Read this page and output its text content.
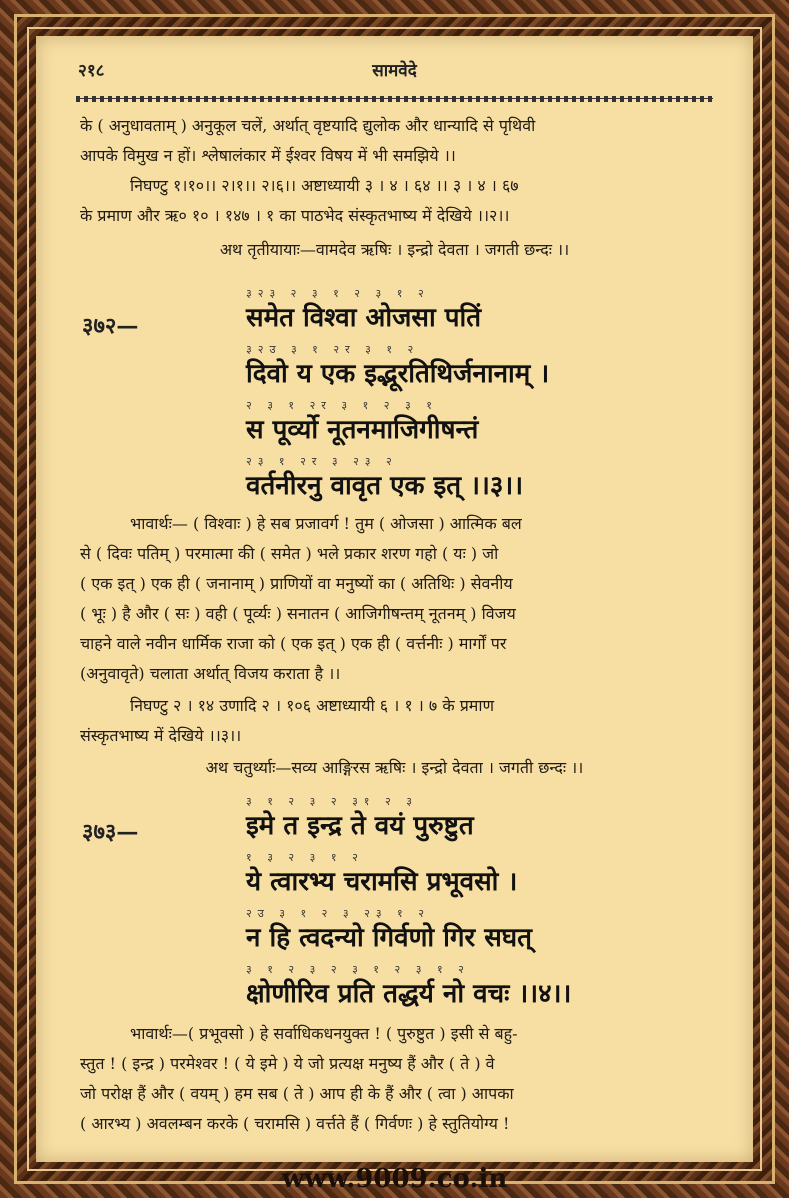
२१८	सामवेदे
के ( अनुधावताम् ) अनुकूल चलें, अर्थात् वृष्टयादि द्युलोक और धान्यादि से पृथिवी
आपके विमुख न हों। श्लेषालंकार में ईश्वर विषय में भी समझिये ।।
निघण्टु १।१०।। २।१।। २।६।। अष्टाध्यायी ३ । ४ । ६४ ।। ३ । ४ । ६७
के प्रमाण और ऋ० १० । १४७ । १ का पाठभेद संस्कृतभाष्य में देखिये ।।२।।
अथ तृतीयायाः—वामदेव ऋषिः । इन्द्रो देवता । जगती छन्दः ।।
३७२—
३२३ २ ३ १ २ ३ १ २
समेत विश्वा ओजसा पतिं
३२उ ३ १ २र ३ १ २
दिवो य एक इद्भूरतिथिर्जनानाम् ।
२ ३ १ २र ३ १ २ ३ १
स पूर्व्यो नूतनमाजिगीषन्तं
२३ १ २र ३ २३ २
वर्तनीरनु वावृत एक इत् ।।३।।
भावार्थः— ( विश्वाः ) हे सब प्रजावर्ग ! तुम ( ओजसा ) आत्मिक बल
से ( दिवः पतिम् ) परमात्मा की ( समेत ) भले प्रकार शरण गहो ( यः ) जो
( एक इत् ) एक ही ( जनानाम् ) प्राणियों वा मनुष्यों का ( अतिथिः ) सेवनीय
( भूः ) है और ( सः ) वही ( पूर्व्यः ) सनातन ( आजिगीषन्तम् नूतनम् ) विजय
चाहने वाले नवीन धार्मिक राजा को ( एक इत् ) एक ही ( वर्त्तनीः ) मार्गों पर
(अनुवावृते) चलाता अर्थात् विजय कराता है ।।
निघण्टु २ । १४ उणादि २ । १०६ अष्टाध्यायी ६ । १ । ७ के प्रमाण
संस्कृतभाष्य में देखिये ।।३।।
अथ चतुर्थ्याः—सव्य आङ्गिरस ऋषिः । इन्द्रो देवता । जगती छन्दः ।।
३७३—
३ १ २ ३ २ ३१ २ ३
इमे त इन्द्र ते वयं पुरुष्टुत
१ ३ २ ३ १ २
ये त्वारभ्य चरामसि प्रभूवसो ।
२उ ३ १ २ ३ २३ १ २
न हि त्वदन्यो गिर्वणो गिर सघत्
३ १ २ ३ २ ३ १ २ ३ १ २
क्षोणीरिव प्रति तद्धर्य नो वचः ।।४।।
भावार्थः—( प्रभूवसो ) हे सर्वाधिकधनयुक्त ! ( पुरुष्टुत ) इसी से बहु-
स्तुत ! ( इन्द्र ) परमेश्वर ! ( ये इमे ) ये जो प्रत्यक्ष मनुष्य हैं और ( ते ) वे
जो परोक्ष हैं और ( वयम् ) हम सब ( ते ) आप ही के हैं और ( त्वा ) आपका
( आरभ्य ) अवलम्बन करके ( चरामसि ) वर्त्तते हैं ( गिर्वणः ) हे स्तुतियोग्य !
www.9009.co.in
